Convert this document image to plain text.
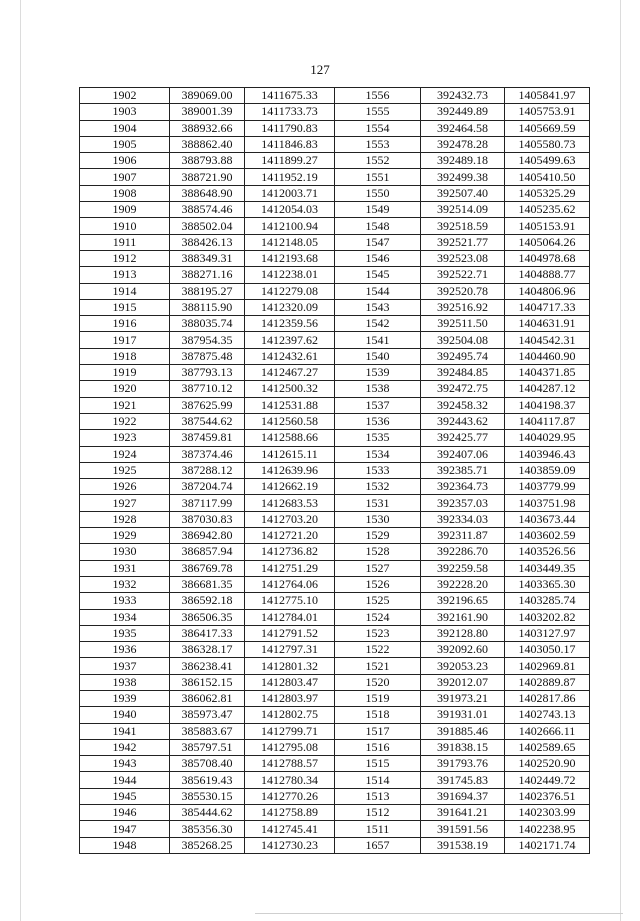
127
1902	389069.00	1411675.33	1556	392432.73	1405841.97
1903	389001.39	1411733.73	1555	392449.89	1405753.91
1904	388932.66	1411790.83	1554	392464.58	1405669.59
1905	388862.40	1411846.83	1553	392478.28	1405580.73
1906	388793.88	1411899.27	1552	392489.18	1405499.63
1907	388721.90	1411952.19	1551	392499.38	1405410.50
1908	388648.90	1412003.71	1550	392507.40	1405325.29
1909	388574.46	1412054.03	1549	392514.09	1405235.62
1910	388502.04	1412100.94	1548	392518.59	1405153.91
1911	388426.13	1412148.05	1547	392521.77	1405064.26
1912	388349.31	1412193.68	1546	392523.08	1404978.68
1913	388271.16	1412238.01	1545	392522.71	1404888.77
1914	388195.27	1412279.08	1544	392520.78	1404806.96
1915	388115.90	1412320.09	1543	392516.92	1404717.33
1916	388035.74	1412359.56	1542	392511.50	1404631.91
1917	387954.35	1412397.62	1541	392504.08	1404542.31
1918	387875.48	1412432.61	1540	392495.74	1404460.90
1919	387793.13	1412467.27	1539	392484.85	1404371.85
1920	387710.12	1412500.32	1538	392472.75	1404287.12
1921	387625.99	1412531.88	1537	392458.32	1404198.37
1922	387544.62	1412560.58	1536	392443.62	1404117.87
1923	387459.81	1412588.66	1535	392425.77	1404029.95
1924	387374.46	1412615.11	1534	392407.06	1403946.43
1925	387288.12	1412639.96	1533	392385.71	1403859.09
1926	387204.74	1412662.19	1532	392364.73	1403779.99
1927	387117.99	1412683.53	1531	392357.03	1403751.98
1928	387030.83	1412703.20	1530	392334.03	1403673.44
1929	386942.80	1412721.20	1529	392311.87	1403602.59
1930	386857.94	1412736.82	1528	392286.70	1403526.56
1931	386769.78	1412751.29	1527	392259.58	1403449.35
1932	386681.35	1412764.06	1526	392228.20	1403365.30
1933	386592.18	1412775.10	1525	392196.65	1403285.74
1934	386506.35	1412784.01	1524	392161.90	1403202.82
1935	386417.33	1412791.52	1523	392128.80	1403127.97
1936	386328.17	1412797.31	1522	392092.60	1403050.17
1937	386238.41	1412801.32	1521	392053.23	1402969.81
1938	386152.15	1412803.47	1520	392012.07	1402889.87
1939	386062.81	1412803.97	1519	391973.21	1402817.86
1940	385973.47	1412802.75	1518	391931.01	1402743.13
1941	385883.67	1412799.71	1517	391885.46	1402666.11
1942	385797.51	1412795.08	1516	391838.15	1402589.65
1943	385708.40	1412788.57	1515	391793.76	1402520.90
1944	385619.43	1412780.34	1514	391745.83	1402449.72
1945	385530.15	1412770.26	1513	391694.37	1402376.51
1946	385444.62	1412758.89	1512	391641.21	1402303.99
1947	385356.30	1412745.41	1511	391591.56	1402238.95
1948	385268.25	1412730.23	1657	391538.19	1402171.74
